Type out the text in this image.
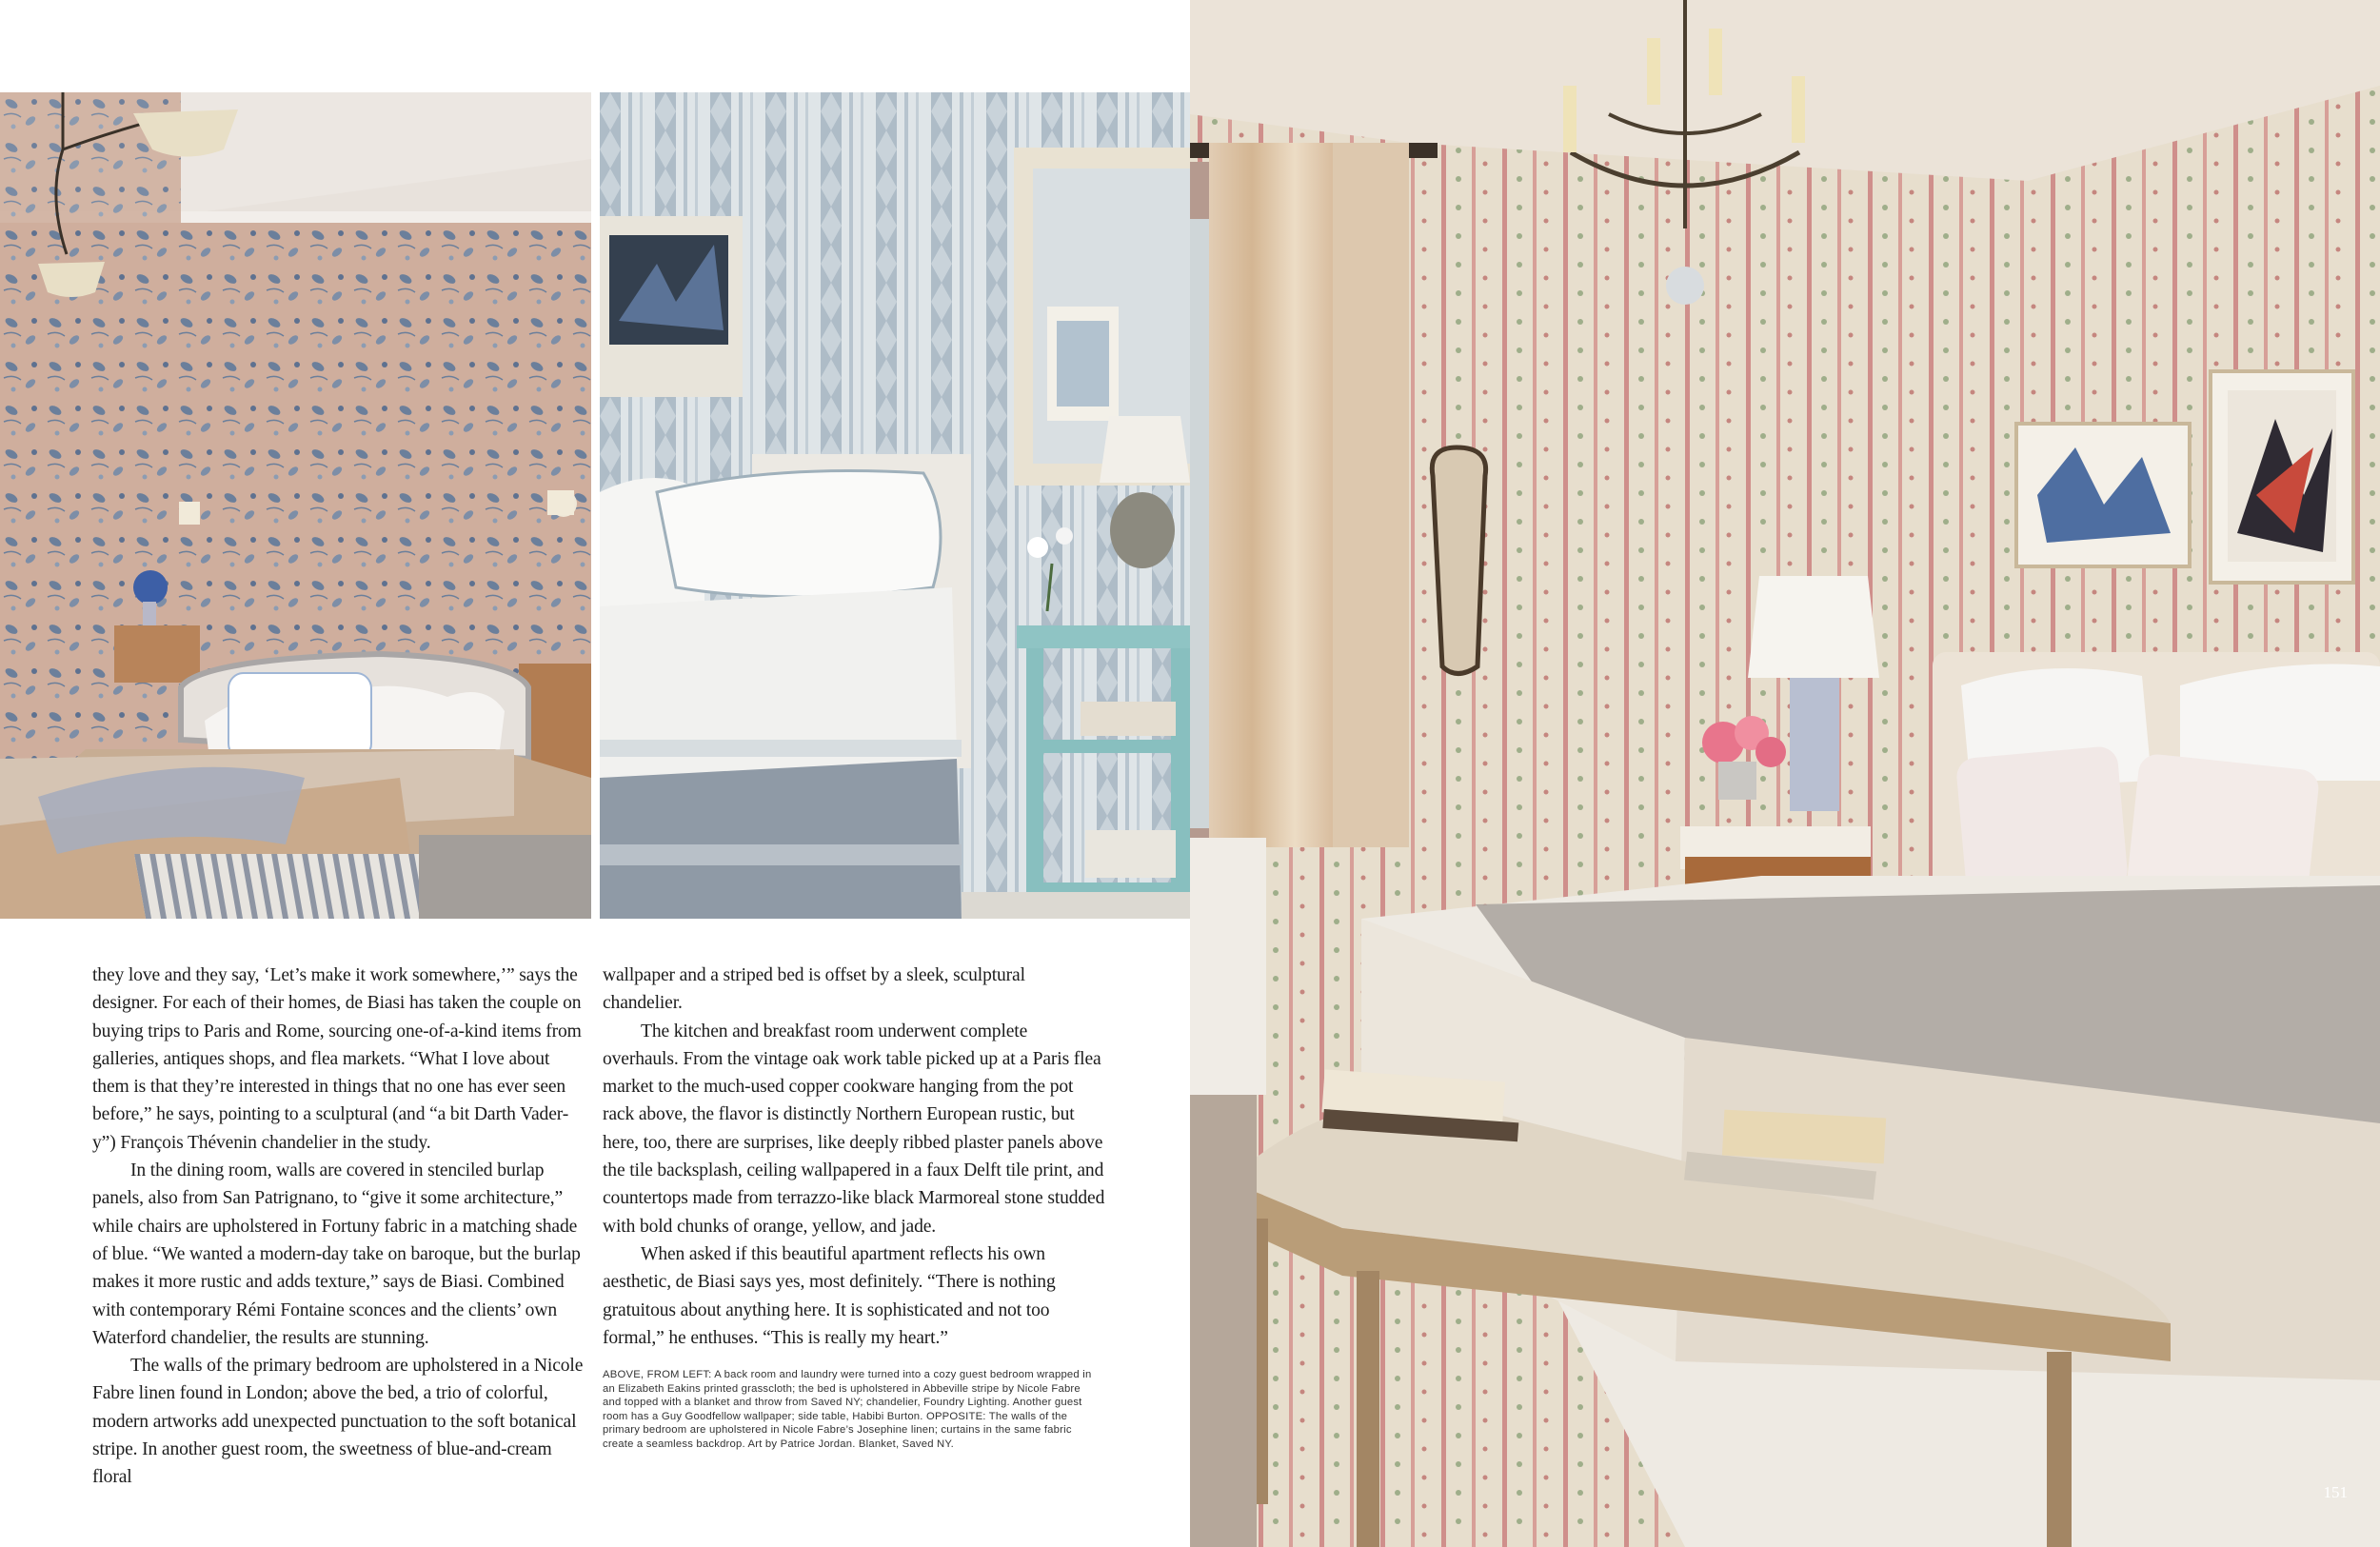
they love and they say, ‘Let’s make it work somewhere,’” says the designer. For each of their homes, de Biasi has taken the couple on buying trips to Paris and Rome, sourcing one-of-a-kind items from galleries, antiques shops, and flea markets. “What I love about them is that they’re interested in things that no one has ever seen before,” he says, pointing to a sculptural (and “a bit Darth Vader-y”) François Thévenin chandelier in the study.

In the dining room, walls are covered in stenciled burlap panels, also from San Patrignano, to “give it some architecture,” while chairs are upholstered in Fortuny fabric in a matching shade of blue. “We wanted a modern-day take on baroque, but the burlap makes it more rustic and adds texture,” says de Biasi. Combined with contemporary Rémi Fontaine sconces and the clients’ own Waterford chandelier, the results are stunning.

The walls of the primary bedroom are upholstered in a Nicole Fabre linen found in London; above the bed, a trio of colorful, modern artworks add unexpected punctuation to the soft botanical stripe. In another guest room, the sweetness of blue-and-cream floral

wallpaper and a striped bed is offset by a sleek, sculptural chandelier.

The kitchen and breakfast room underwent complete overhauls. From the vintage oak work table picked up at a Paris flea market to the much-used copper cookware hanging from the pot rack above, the flavor is distinctly Northern European rustic, but here, too, there are surprises, like deeply ribbed plaster panels above the tile backsplash, ceiling wallpapered in a faux Delft tile print, and countertops made from terrazzo-like black Marmoreal stone studded with bold chunks of orange, yellow, and jade.

When asked if this beautiful apartment reflects his own aesthetic, de Biasi says yes, most definitely. “There is nothing gratuitous about anything here. It is sophisticated and not too formal,” he enthuses. “This is really my heart.”

ABOVE, FROM LEFT: A back room and laundry were turned into a cozy guest bedroom wrapped in an Elizabeth Eakins printed grasscloth; the bed is upholstered in Abbeville stripe by Nicole Fabre and topped with a blanket and throw from Saved NY; chandelier, Foundry Lighting. Another guest room has a Guy Goodfellow wallpaper; side table, Habibi Burton. OPPOSITE: The walls of the primary bedroom are upholstered in Nicole Fabre’s Josephine linen; curtains in the same fabric create a seamless backdrop. Art by Patrice Jordan. Blanket, Saved NY.
151
